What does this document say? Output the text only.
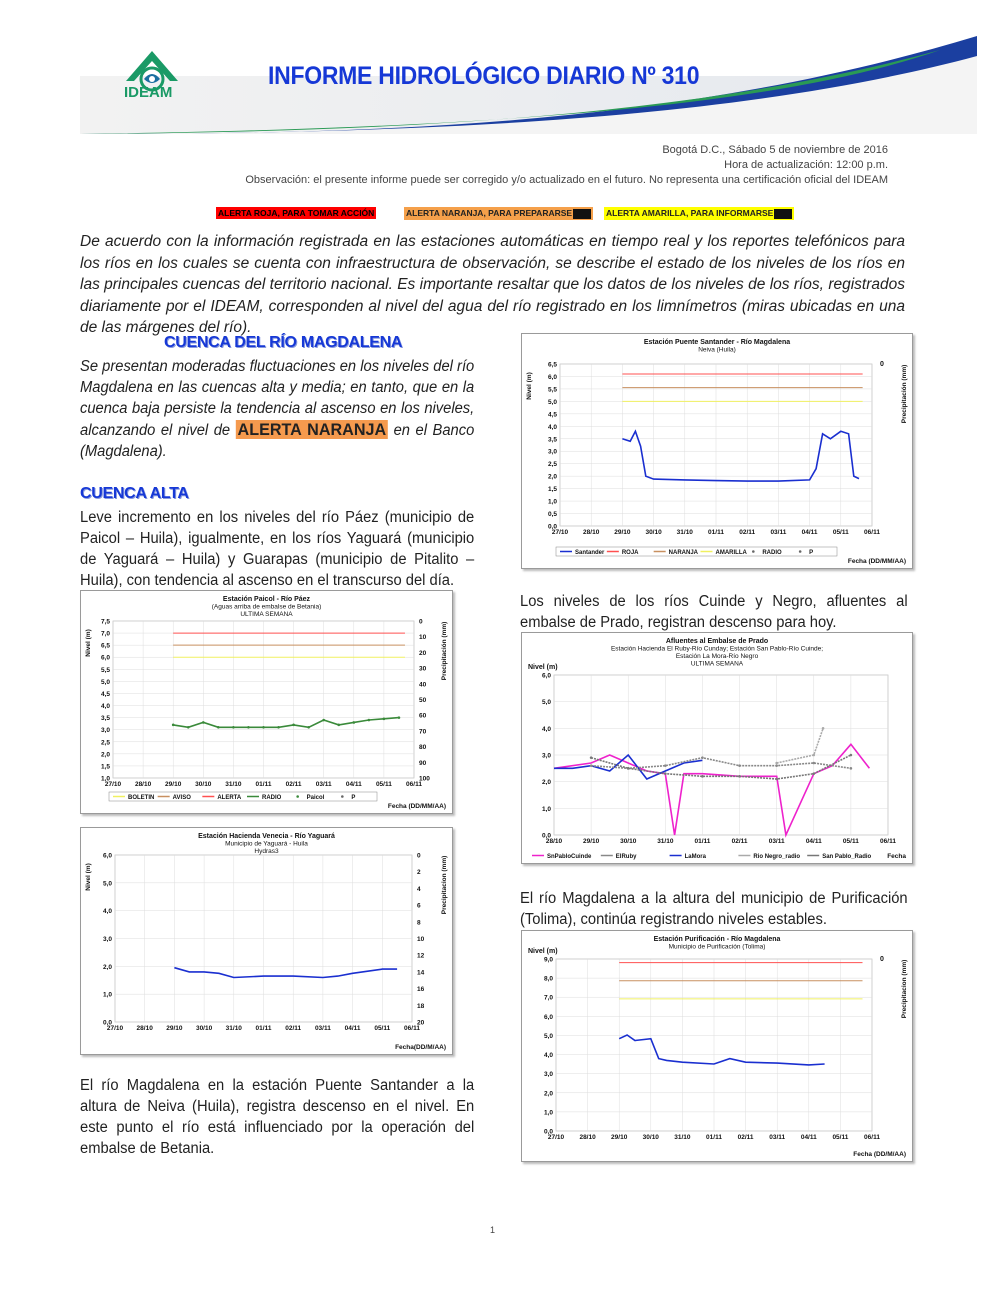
IDEAM
INFORME HIDROLÓGICO DIARIO Nº 310
Bogotá D.C., Sábado 5 de noviembre de 2016
Hora de actualización: 12:00 p.m.
Observación: el presente informe puede ser corregido y/o actualizado en el futuro. No representa una certificación oficial del IDEAM
ALERTA ROJA, PARA TOMAR ACCIÓN	ALERTA NARANJA, PARA PREPARARSE	ALERTA AMARILLA, PARA INFORMARSE
De acuerdo con la información registrada en las estaciones automáticas en tiempo real y los reportes telefónicos para los ríos en los cuales se cuenta con infraestructura de observación, se describe el estado de los niveles de los ríos en las principales cuencas del territorio nacional. Es importante resaltar que los datos de los niveles de los ríos, registrados diariamente por el IDEAM, corresponden al nivel del agua del río registrado en los limnímetros (miras ubicadas en una de las márgenes del río).
CUENCA DEL RÍO MAGDALENA
Se presentan moderadas fluctuaciones en los niveles del río Magdalena en las cuencas alta y media; en tanto, que en la cuenca baja persiste la tendencia al ascenso en los niveles, alcanzando el nivel de ALERTA NARANJA en el Banco (Magdalena).
CUENCA ALTA
Leve incremento en los niveles del río Páez (municipio de Paicol – Huila), igualmente, en los ríos Yaguará (municipio de Yaguará – Huila) y Guarapas (municipio de Pitalito – Huila), con tendencia al ascenso en el transcurso del día.
El río Magdalena en la estación Puente Santander a la altura de Neiva (Huila), registra descenso en el nivel. En este punto el río está influenciado por la operación del embalse de Betania.
Los niveles de los ríos Cuinde y Negro, afluentes al embalse de Prado, registran descenso para hoy.
El río Magdalena a la altura del municipio de Purificación (Tolima), continúa registrando niveles estables.
Estación Puente Santander - Río Magdalena
Neiva (Huila)
0,0
0,5
1,0
1,5
2,0
2,5
3,0
3,5
4,0
4,5
5,0
5,5
6,0
6,5
27/10 28/10 29/10 30/10 31/10 01/11 02/11 03/11 04/11 05/11 06/11
0
Nivel (m)	Precipitación (mm)
Fecha (DD/MM/AA)
Santander	ROJA	NARANJA	AMARILLA	RADIO	P
Estación Paicol - Río Páez
(Aguas arriba de embalse de Betania)
ULTIMA SEMANA
1,0
1,5
2,0
2,5
3,0
3,5
4,0
4,5
5,0
5,5
6,0
6,5
7,0
7,5
27/10 28/10 29/10 30/10 31/10 01/11 02/11 03/11 04/11 05/11 06/11
0
10
20
30
40
50
60
70
80
90
100
Nivel (m)	Precipitación (mm)
Fecha (DD/MM/AA)
BOLETIN	AVISO	ALERTA	RADIO	Paicol	P
Estación Hacienda Venecia - Río Yaguará
Municipio de Yaguará - Huila
Hydras3
0,0
1,0
2,0
3,0
4,0
5,0
6,0
27/10 28/10 29/10 30/10 31/10 01/11 02/11 03/11 04/11 05/11 06/11
0
2
4
6
8
10
12
14
16
18
20
Nivel (m)	Precipitacion (mm)
Fecha(DD/M/AA)
Afluentes al Embalse de Prado
Estación Hacienda El Ruby-Río Cunday; Estación San Pablo-Río Cuinde;
Estación La Mora-Río Negro
ULTIMA SEMANA
0,0
1,0
2,0
3,0
4,0
5,0
6,0
28/10	29/10	30/10	31/10	01/11	02/11	03/11	04/11	05/11	06/11
Nivel (m)
Fecha
SnPabloCuinde	ElRuby	LaMora	Rio Negro_radio	San Pablo_Radio
Estación Purificación - Río Magdalena
Municipio de Purificación (Tolima)
0,0
1,0
2,0
3,0
4,0
5,0
6,0
7,0
8,0
9,0
27/10 28/10 29/10 30/10 31/10 01/11 02/11 03/11 04/11 05/11 06/11
0
Nivel (m)
Precipitacion (mm)
Fecha (DD/M/AA)
1
